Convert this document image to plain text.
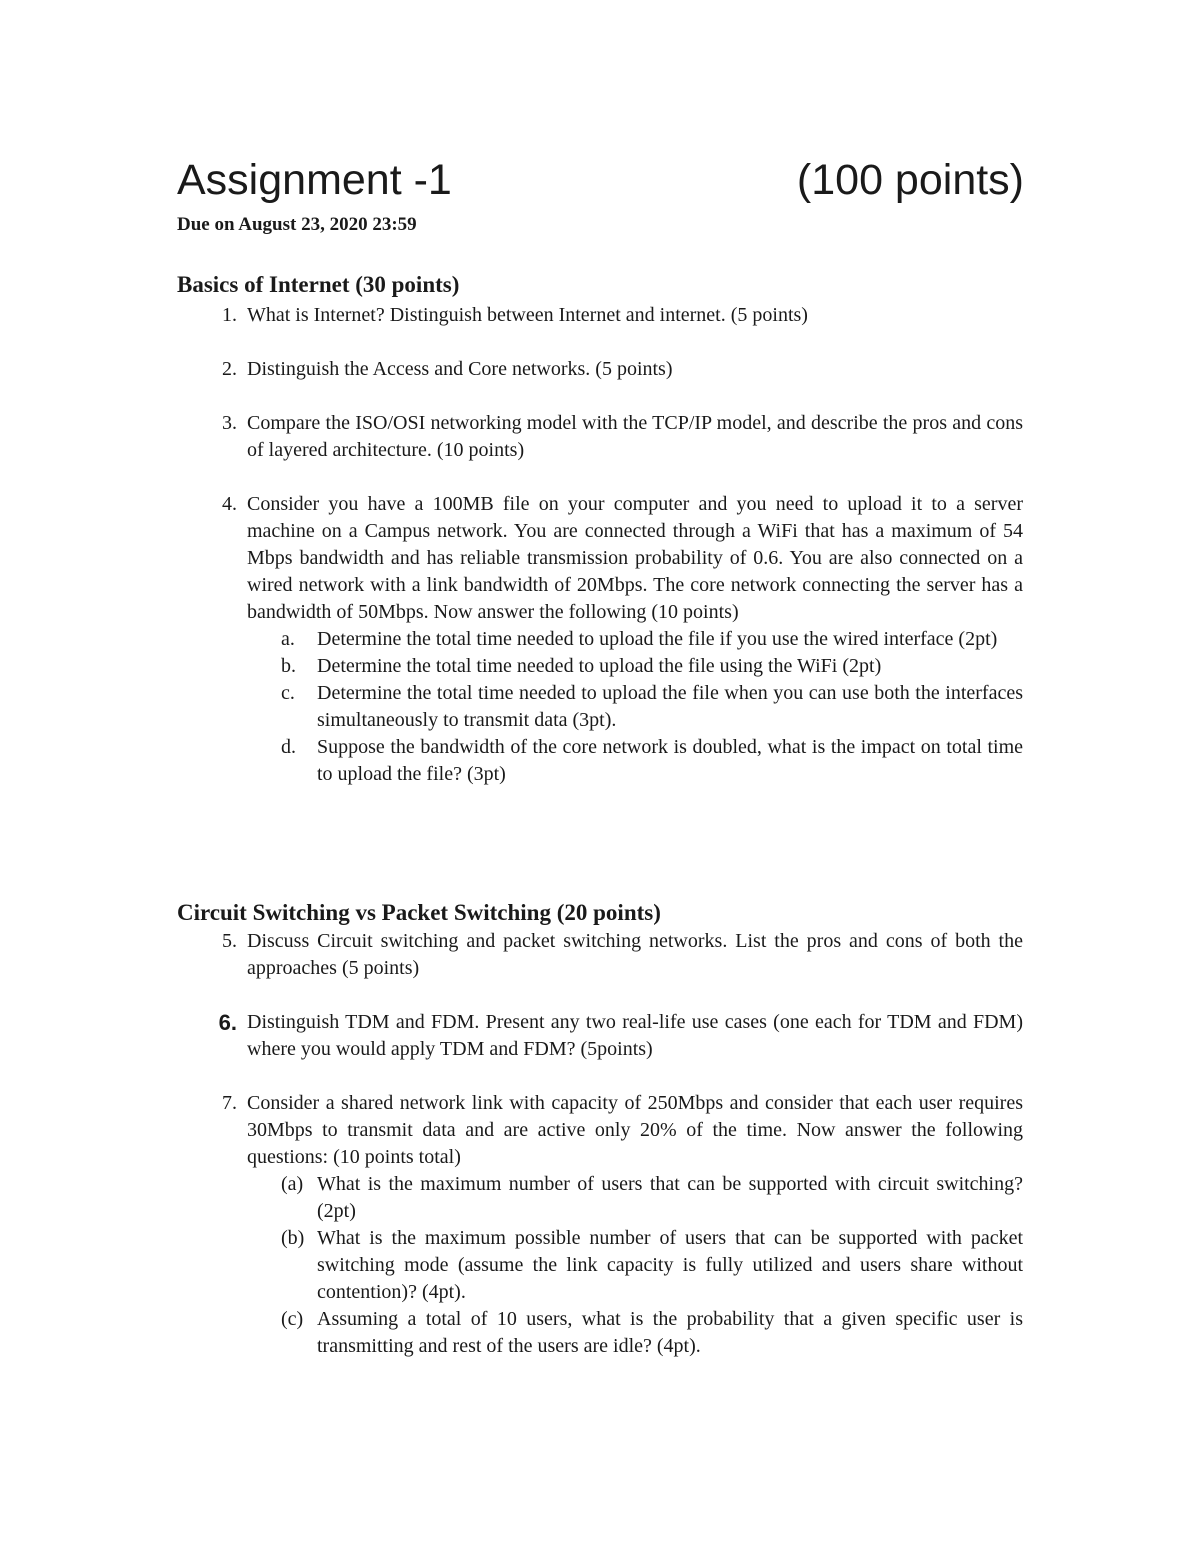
Assignment -1	(100 points)
Due on August 23, 2020 23:59
Basics of Internet (30 points)
1. What is Internet? Distinguish between Internet and internet. (5 points)
2. Distinguish the Access and Core networks. (5 points)
3. Compare the ISO/OSI networking model with the TCP/IP model, and describe the pros and cons of layered architecture. (10 points)
4. Consider you have a 100MB file on your computer and you need to upload it to a server machine on a Campus network. You are connected through a WiFi that has a maximum of 54 Mbps bandwidth and has reliable transmission probability of 0.6. You are also connected on a wired network with a link bandwidth of 20Mbps. The core network connecting the server has a bandwidth of 50Mbps. Now answer the following (10 points)
a. Determine the total time needed to upload the file if you use the wired interface (2pt)
b. Determine the total time needed to upload the file using the WiFi (2pt)
c. Determine the total time needed to upload the file when you can use both the interfaces simultaneously to transmit data (3pt).
d. Suppose the bandwidth of the core network is doubled, what is the impact on total time to upload the file? (3pt)
Circuit Switching vs Packet Switching (20 points)
5. Discuss Circuit switching and packet switching networks. List the pros and cons of both the approaches (5 points)
6. Distinguish TDM and FDM. Present any two real-life use cases (one each for TDM and FDM) where you would apply TDM and FDM? (5points)
7. Consider a shared network link with capacity of 250Mbps and consider that each user requires 30Mbps to transmit data and are active only 20% of the time. Now answer the following questions: (10 points total)
(a) What is the maximum number of users that can be supported with circuit switching? (2pt)
(b) What is the maximum possible number of users that can be supported with packet switching mode (assume the link capacity is fully utilized and users share without contention)? (4pt).
(c) Assuming a total of 10 users, what is the probability that a given specific user is transmitting and rest of the users are idle? (4pt).
